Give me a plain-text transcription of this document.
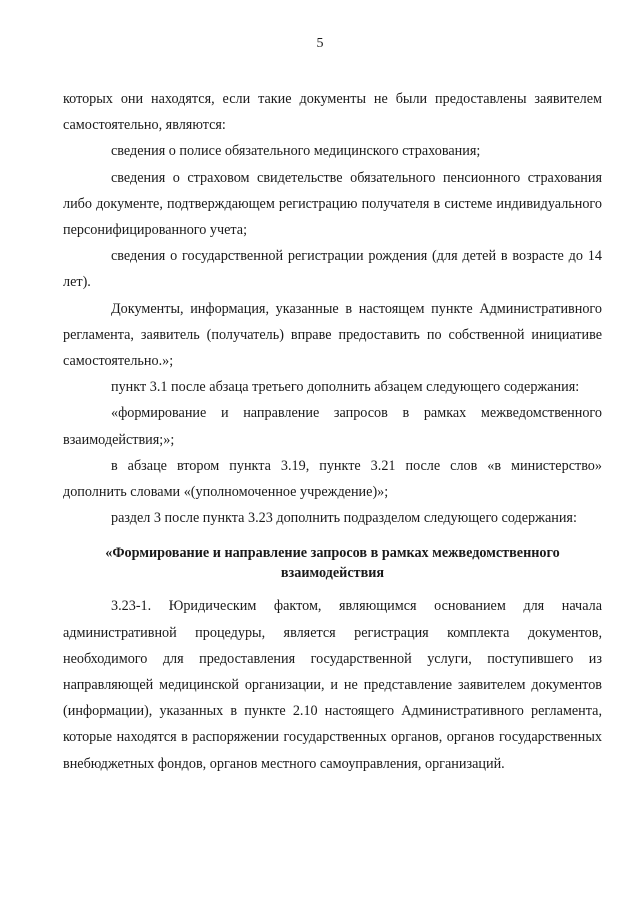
5

которых они находятся, если такие документы не были предоставлены заявителем самостоятельно, являются:

сведения о полисе обязательного медицинского страхования;

сведения о страховом свидетельстве обязательного пенсионного страхования либо документе, подтверждающем регистрацию получателя в системе индивидуального персонифицированного учета;

сведения о государственной регистрации рождения (для детей в возрасте до 14 лет).

Документы, информация, указанные в настоящем пункте Административного регламента, заявитель (получатель) вправе предоставить по собственной инициативе самостоятельно.»;

пункт 3.1 после абзаца третьего дополнить абзацем следующего содержания:

«формирование и направление запросов в рамках межведомственного взаимодействия;»;

в абзаце втором пункта 3.19, пункте 3.21 после слов «в министерство» дополнить словами «(уполномоченное учреждение)»;

раздел 3 после пункта 3.23 дополнить подразделом следующего содержания:

«Формирование и направление запросов в рамках межведомственного взаимодействия

3.23-1. Юридическим фактом, являющимся основанием для начала административной процедуры, является регистрация комплекта документов, необходимого для предоставления государственной услуги, поступившего из направляющей медицинской организации, и не представление заявителем документов (информации), указанных в пункте 2.10 настоящего Административного регламента, которые находятся в распоряжении государственных органов, органов государственных внебюджетных фондов, органов местного самоуправления, организаций.
